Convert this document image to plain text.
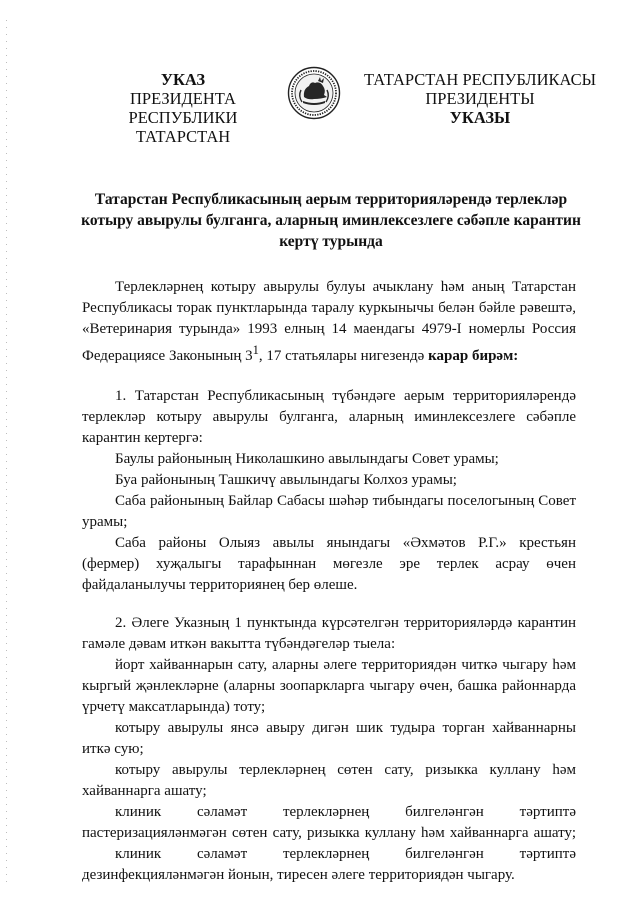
УКАЗ
ПРЕЗИДЕНТА
РЕСПУБЛИКИ ТАТАРСТАН
ТАТАРСТАН РЕСПУБЛИКАСЫ
ПРЕЗИДЕНТЫ
УКАЗЫ
Татарстан Республикасының аерым территорияләрендә терлекләр
котыру авырулы булганга, аларның иминлексезлеге сәбәпле карантин
кертү турында

Терлекләрнең котыру авырулы булуы ачыклану һәм аның Татарстан

Республикасы торак пунктларында таралу куркынычы белән бәйле рәвештә,

«Ветеринария турында» 1993 елның 14 маендагы 4979-I номерлы Россия

Федерациясе Законының $3^1$, 17 статьялары нигезендә карар бирәм:

1. Татарстан Республикасының түбәндәге аерым территорияләрендә

терлекләр котыру авырулы булганга, аларның иминлексезлеге сәбәпле

карантин кертергә:

Баулы районының Николашкино авылындагы Совет урамы;

Буа районының Ташкичү авылындагы Колхоз урамы;

Саба районының Байлар Сабасы шәһәр тибындагы поселогының Совет

урамы;

Саба районы Олыяз авылы янындагы «Әхмәтов Р.Г.» крестьян

(фермер) хуҗалыгы тарафыннан мөгезле эре терлек асрау өчен

файдаланылучы территориянең бер өлеше.

2. Әлеге Указның 1 пунктында күрсәтелгән территорияләрдә карантин

гамәле дәвам иткән вакытта түбәндәгеләр тыела:

йорт хайваннарын сату, аларны әлеге территориядән читкә чыгару һәм

кыргый җәнлекләрне (аларны зоопаркларга чыгару өчен, башка районнарда

үрчетү максатларында) тоту;

котыру авырулы янсә авыру дигән шик тудыра торган хайваннарны

иткә сую;

котыру авырулы терлекләрнең сөтен сату, ризыкка куллану һәм

хайваннарга ашату;

клиник сәламәт терлекләрнең билгеләнгән тәртиптә

пастеризацияләнмәгән сөтен сату, ризыкка куллану һәм хайваннарга ашату;

клиник сәламәт терлекләрнең билгеләнгән тәртиптә

дезинфекцияләнмәгән йонын, тиресен әлеге территориядән чыгару.
